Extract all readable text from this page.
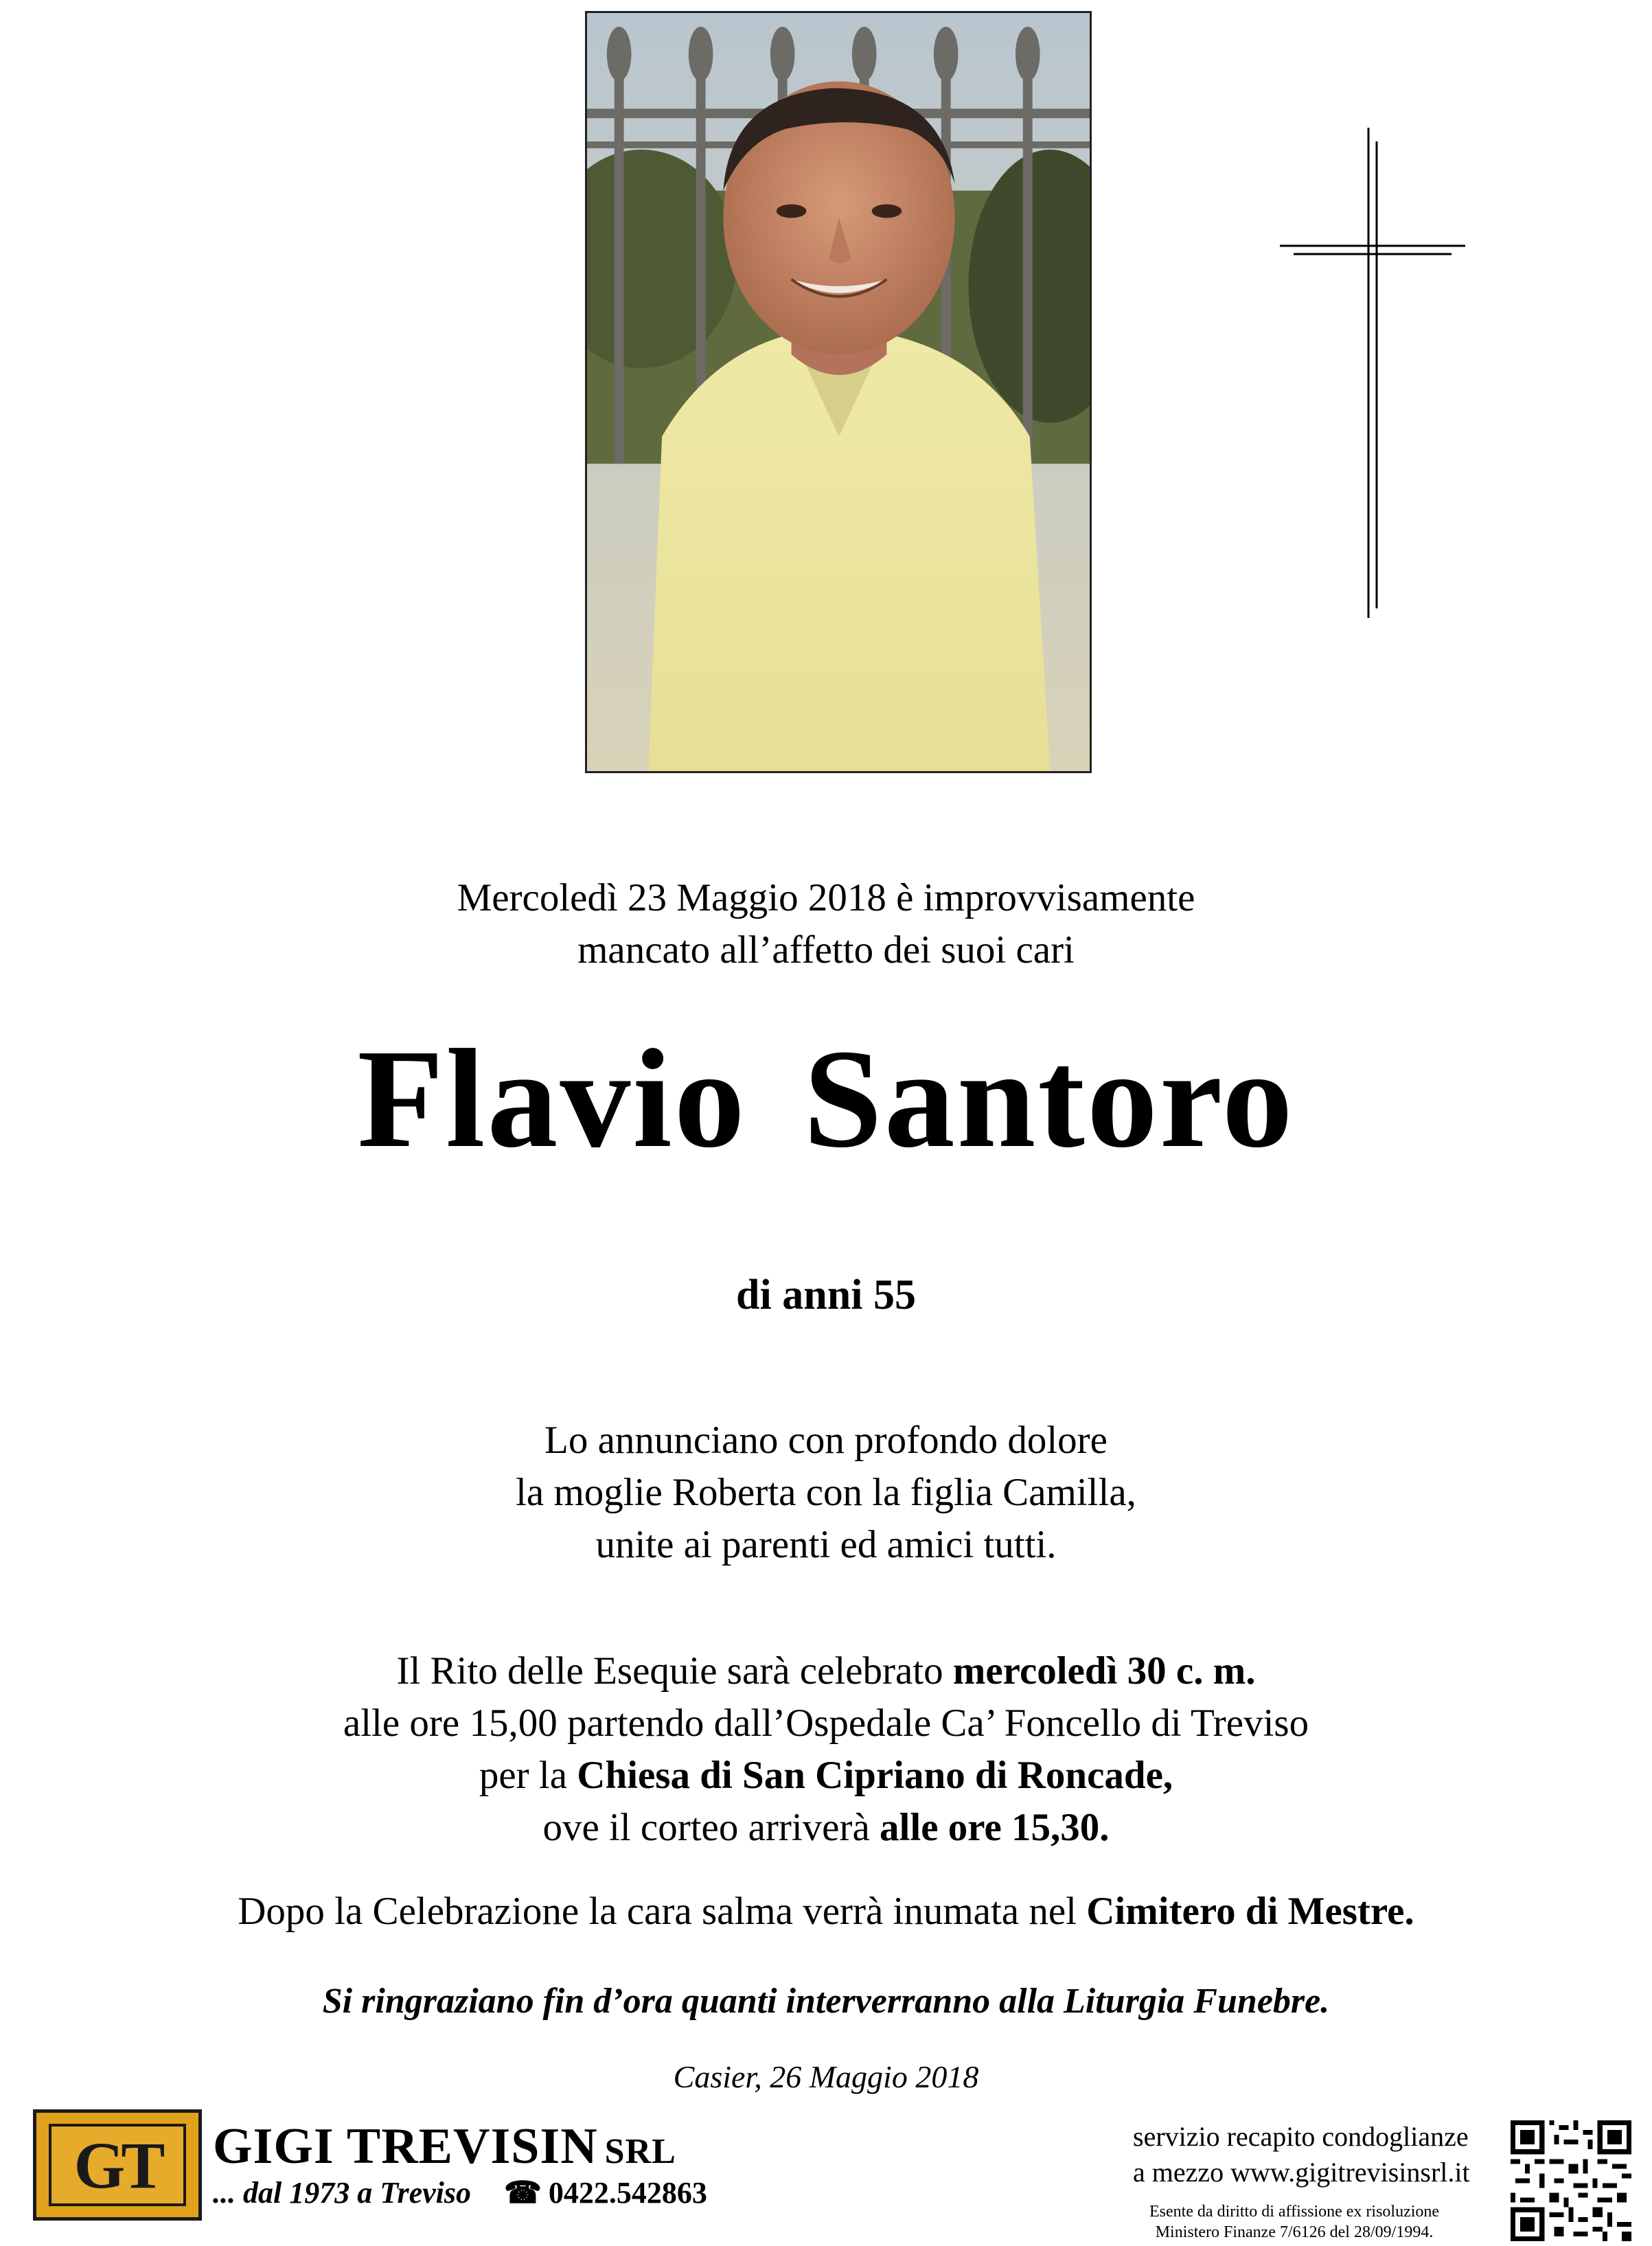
Mercoledì 23 Maggio 2018 è improvvisamente
mancato all’affetto dei suoi cari
Flavio Santoro
di anni 55
Lo annunciano con profondo dolore
la moglie Roberta con la figlia Camilla,
unite ai parenti ed amici tutti.
Il Rito delle Esequie sarà celebrato mercoledì 30 c. m.
alle ore 15,00 partendo dall’Ospedale Ca’ Foncello di Treviso
per la Chiesa di San Cipriano di Roncade,
ove il corteo arriverà alle ore 15,30.
Dopo la Celebrazione la cara salma verrà inumata nel Cimitero di Mestre.
Si ringraziano fin d’ora quanti interverranno alla Liturgia Funebre.
Casier, 26 Maggio 2018
GT	GIGI TREVISIN SRL
... dal 1973 a Treviso ☎ 0422.542863
servizio recapito condoglianze
a mezzo www.gigitrevisinsrl.it
Esente da diritto di affissione ex risoluzione
Ministero Finanze 7/6126 del 28/09/1994.
